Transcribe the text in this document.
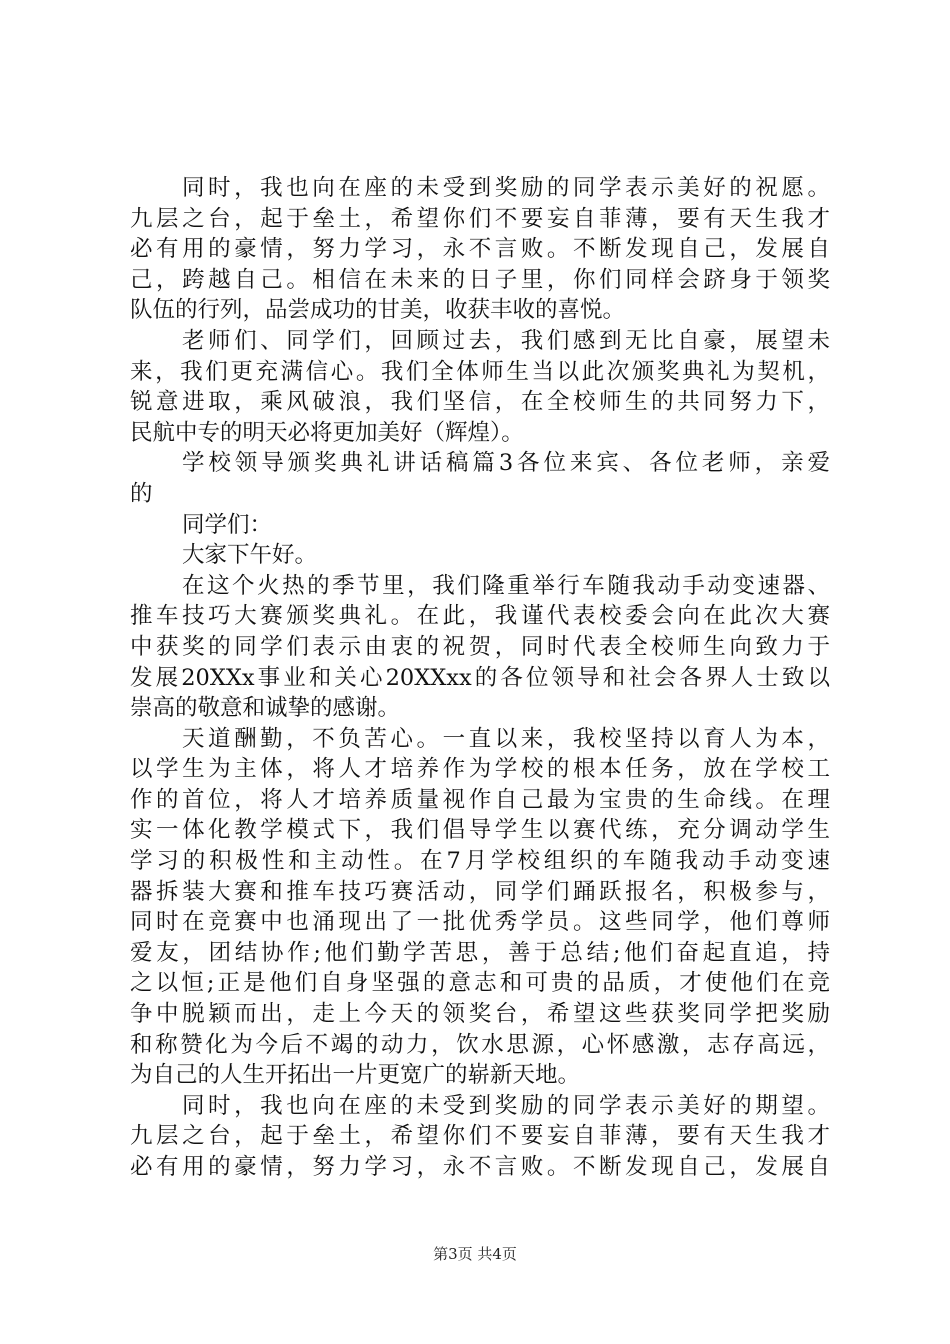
同时，我也向在座的未受到奖励的同学表示美好的祝愿。
九层之台，起于垒土，希望你们不要妄自菲薄，要有天生我才
必有用的豪情，努力学习，永不言败。不断发现自己，发展自
己，跨越自己。相信在未来的日子里，你们同样会跻身于领奖
队伍的行列，品尝成功的甘美，收获丰收的喜悦。
老师们、同学们，回顾过去，我们感到无比自豪，展望未
来，我们更充满信心。我们全体师生当以此次颁奖典礼为契机，
锐意进取，乘风破浪，我们坚信，在全校师生的共同努力下，
民航中专的明天必将更加美好（辉煌）。
学校领导颁奖典礼讲话稿篇3各位来宾、各位老师，亲爱
的
同学们：
大家下午好。
在这个火热的季节里，我们隆重举行车随我动手动变速器、
推车技巧大赛颁奖典礼。在此，我谨代表校委会向在此次大赛
中获奖的同学们表示由衷的祝贺，同时代表全校师生向致力于
发展20XXx事业和关心20XXxx的各位领导和社会各界人士致以
崇高的敬意和诚挚的感谢。
天道酬勤，不负苦心。一直以来，我校坚持以育人为本，
以学生为主体，将人才培养作为学校的根本任务，放在学校工
作的首位，将人才培养质量视作自己最为宝贵的生命线。在理
实一体化教学模式下，我们倡导学生以赛代练，充分调动学生
学习的积极性和主动性。在7月学校组织的车随我动手动变速
器拆装大赛和推车技巧赛活动，同学们踊跃报名，积极参与，
同时在竞赛中也涌现出了一批优秀学员。这些同学，他们尊师
爱友，团结协作;他们勤学苦思，善于总结;他们奋起直追，持
之以恒;正是他们自身坚强的意志和可贵的品质，才使他们在竞
争中脱颖而出，走上今天的领奖台，希望这些获奖同学把奖励
和称赞化为今后不竭的动力，饮水思源，心怀感激，志存高远，
为自己的人生开拓出一片更宽广的崭新天地。
同时，我也向在座的未受到奖励的同学表示美好的期望。
九层之台，起于垒土，希望你们不要妄自菲薄，要有天生我才
必有用的豪情，努力学习，永不言败。不断发现自己，发展自
第3页 共4页
